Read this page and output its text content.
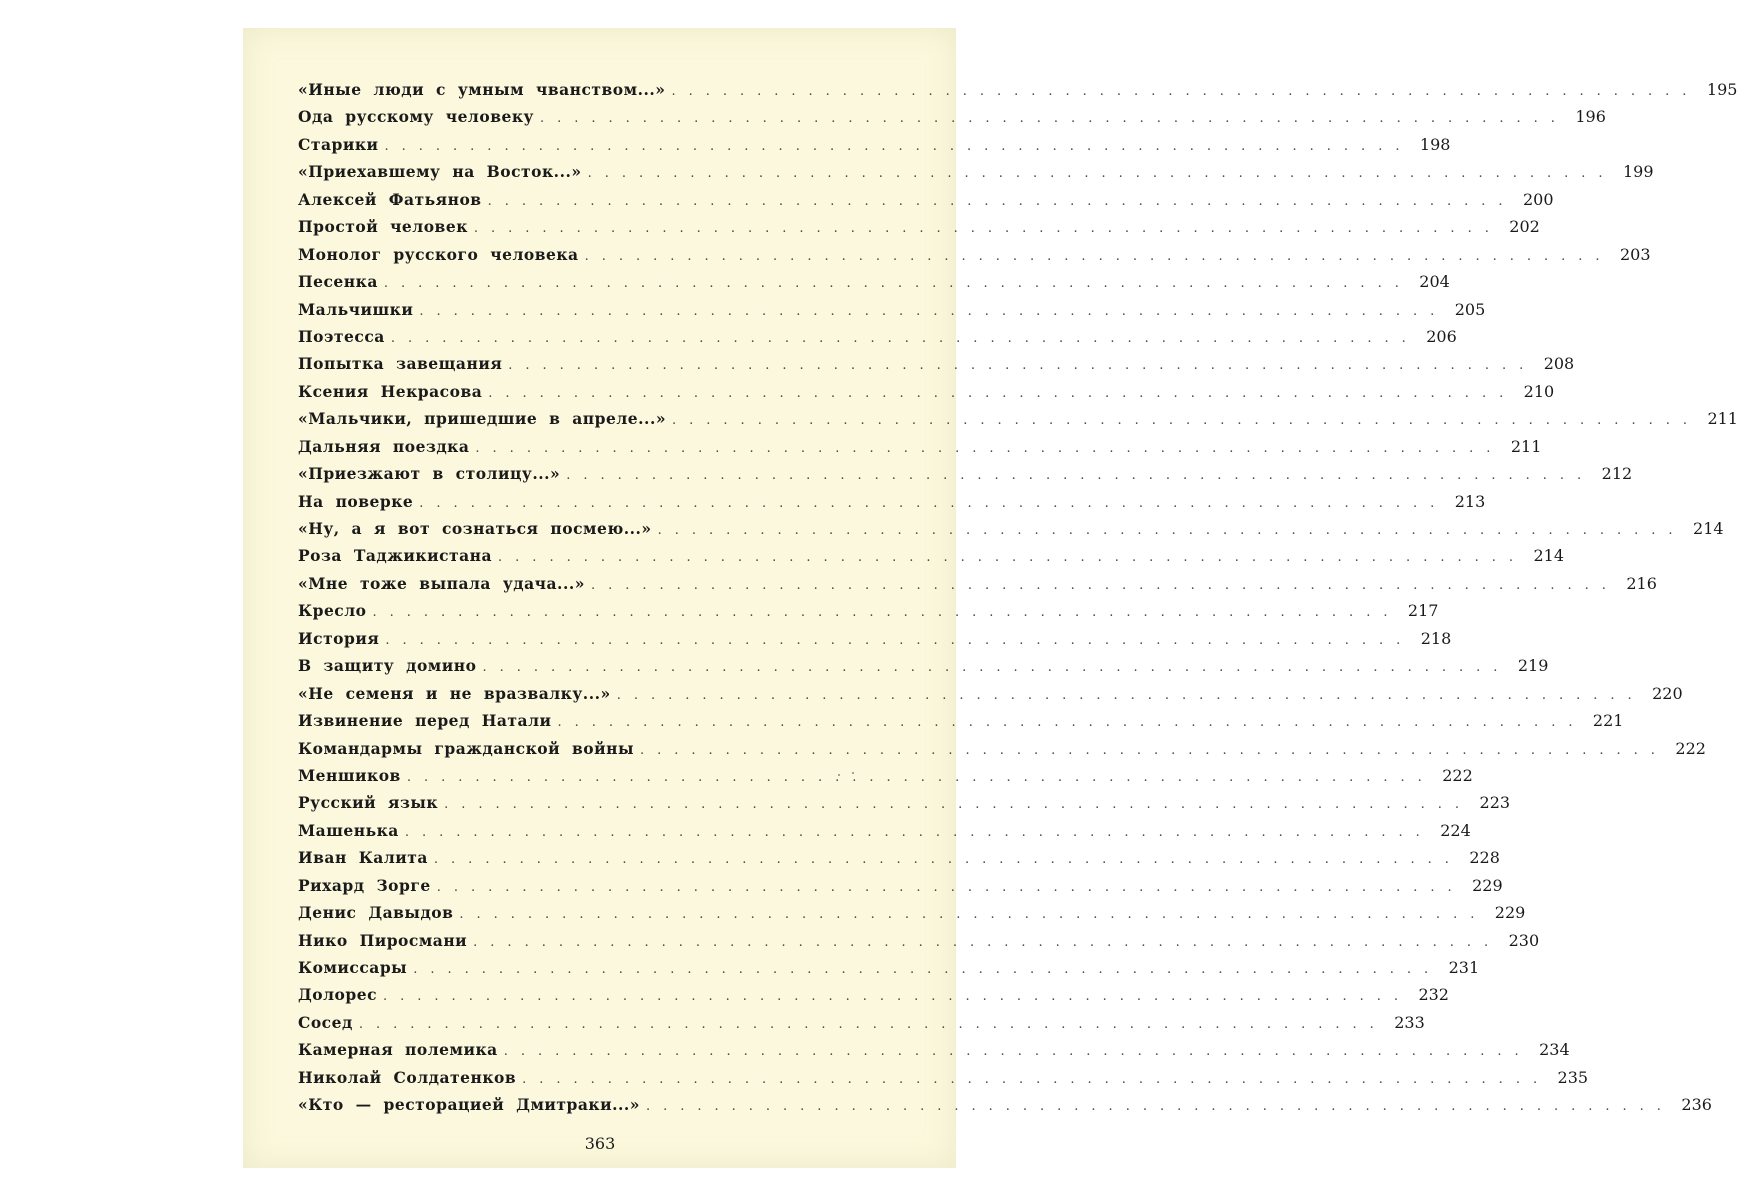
«Иные люди с умным чванством...» ............................................................ 195
Ода русскому человеку ............................................................ 196
Старики ............................................................ 198
«Приехавшему на Восток...» ............................................................ 199
Алексей Фатьянов ............................................................ 200
Простой человек ............................................................ 202
Монолог русского человека ............................................................ 203
Песенка ............................................................ 204
Мальчишки ............................................................ 205
Поэтесса ............................................................ 206
Попытка завещания ............................................................ 208
Ксения Некрасова ............................................................ 210
«Мальчики, пришедшие в апреле...» ............................................................ 211
Дальняя поездка ............................................................ 211
«Приезжают в столицу...» ............................................................ 212
На поверке ............................................................ 213
«Ну, а я вот сознаться посмею...» ............................................................ 214
Роза Таджикистана ............................................................ 214
«Мне тоже выпала удача...» ............................................................ 216
Кресло ............................................................ 217
История ............................................................ 218
В защиту домино ............................................................ 219
«Не семеня и не вразвалку...» ............................................................ 220
Извинение перед Натали ............................................................ 221
Командармы гражданской войны ............................................................ 222
Меншиков ............................................................ 222
Русский язык ............................................................ 223
Машенька ............................................................ 224
Иван Калита ............................................................ 228
Рихард Зорге ............................................................ 229
Денис Давыдов ............................................................ 229
Нико Пиросмани ............................................................ 230
Комиссары ............................................................ 231
Долорес ............................................................ 232
Сосед ............................................................ 233
Камерная полемика ............................................................ 234
Николай Солдатенков ............................................................ 235
«Кто — ресторацией Дмитраки...» ............................................................ 236
363
